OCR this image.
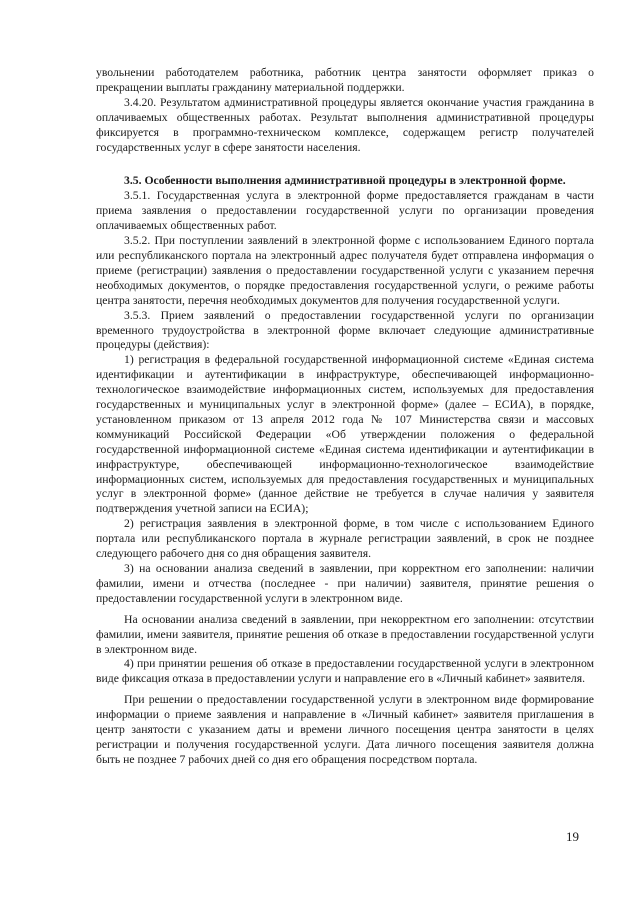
увольнении работодателем работника, работник центра занятости оформляет приказ о прекращении выплаты гражданину материальной поддержки.

3.4.20. Результатом административной процедуры является окончание участия гражданина в оплачиваемых общественных работах. Результат выполнения административной процедуры фиксируется в программно-техническом комплексе, содержащем регистр получателей государственных услуг в сфере занятости населения.

3.5. Особенности выполнения административной процедуры в электронной форме.

3.5.1. Государственная услуга в электронной форме предоставляется гражданам в части приема заявления о предоставлении государственной услуги по организации проведения оплачиваемых общественных работ.

3.5.2. При поступлении заявлений в электронной форме с использованием Единого портала или республиканского портала на электронный адрес получателя будет отправлена информация о приеме (регистрации) заявления о предоставлении государственной услуги с указанием перечня необходимых документов, о порядке предоставления государственной услуги, о режиме работы центра занятости, перечня необходимых документов для получения государственной услуги.

3.5.3. Прием заявлений о предоставлении государственной услуги по организации временного трудоустройства в электронной форме включает следующие административные процедуры (действия):

1) регистрация в федеральной государственной информационной системе «Единая система идентификации и аутентификации в инфраструктуре, обеспечивающей информационно-технологическое взаимодействие информационных систем, используемых для предоставления государственных и муниципальных услуг в электронной форме» (далее – ЕСИА), в порядке, установленном приказом от 13 апреля 2012 года № 107 Министерства связи и массовых коммуникаций Российской Федерации «Об утверждении положения о федеральной государственной информационной системе «Единая система идентификации и аутентификации в инфраструктуре, обеспечивающей информационно-технологическое взаимодействие информационных систем, используемых для предоставления государственных и муниципальных услуг в электронной форме» (данное действие не требуется в случае наличия у заявителя подтверждения учетной записи на ЕСИА);

2) регистрация заявления в электронной форме, в том числе с использованием Единого портала или республиканского портала в журнале регистрации заявлений, в срок не позднее следующего рабочего дня со дня обращения заявителя.

3) на основании анализа сведений в заявлении, при корректном его заполнении: наличии фамилии, имени и отчества (последнее - при наличии) заявителя, принятие решения о предоставлении государственной услуги в электронном виде.

На основании анализа сведений в заявлении, при некорректном его заполнении: отсутствии фамилии, имени заявителя, принятие решения об отказе в предоставлении государственной услуги в электронном виде.

4) при принятии решения об отказе в предоставлении государственной услуги в электронном виде фиксация отказа в предоставлении услуги и направление его в «Личный кабинет» заявителя.

При решении о предоставлении государственной услуги в электронном виде формирование информации о приеме заявления и направление в «Личный кабинет» заявителя приглашения в центр занятости с указанием даты и времени личного посещения центра занятости в целях регистрации и получения государственной услуги. Дата личного посещения заявителя должна быть не позднее 7 рабочих дней со дня его обращения посредством портала.

19
